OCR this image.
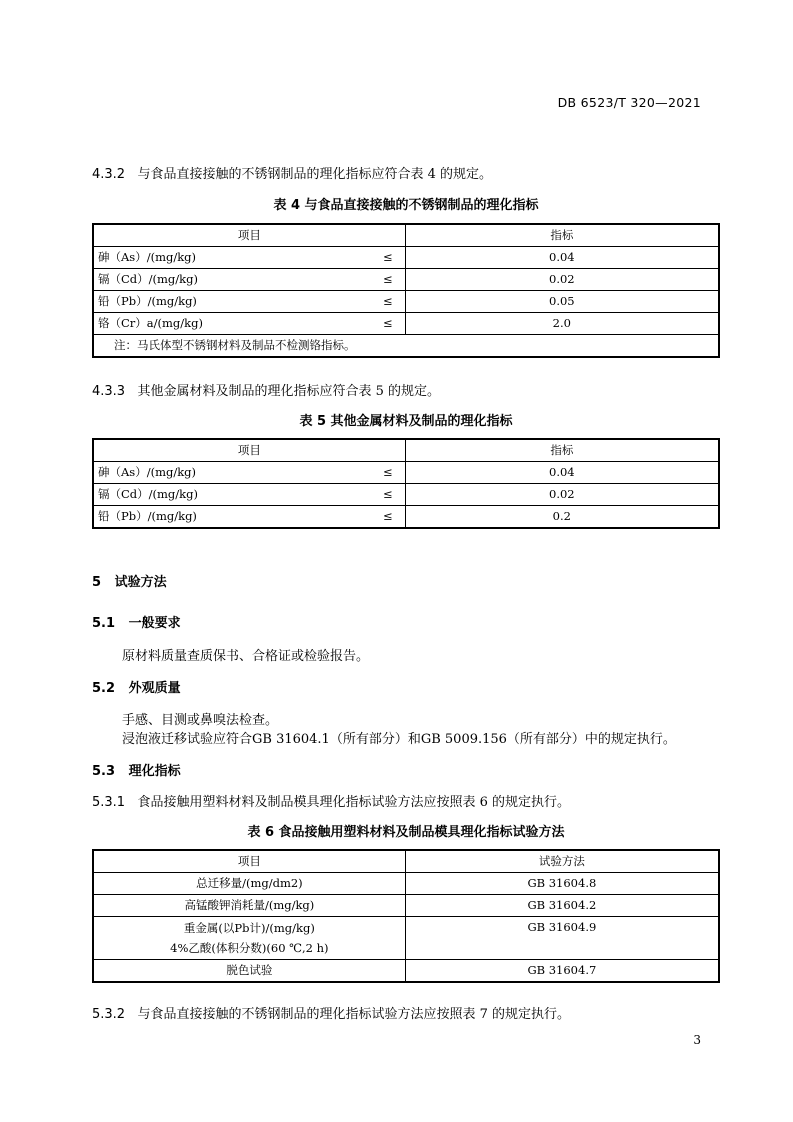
DB 6523/T 320—2021
4.3.2 与食品直接接触的不锈钢制品的理化指标应符合表 4 的规定。
表 4 与食品直接接触的不锈钢制品的理化指标
项目	指标
砷（As）/(mg/kg) ≤	0.04
镉（Cd）/(mg/kg) ≤	0.02
铅（Pb）/(mg/kg) ≤	0.05
铬（Cr）a/(mg/kg) ≤	2.0
注：马氏体型不锈钢材料及制品不检测铬指标。	
4.3.3 其他金属材料及制品的理化指标应符合表 5 的规定。
表 5 其他金属材料及制品的理化指标
项目	指标
砷（As）/(mg/kg) ≤	0.04
镉（Cd）/(mg/kg) ≤	0.02
铅（Pb）/(mg/kg) ≤	0.2
5 试验方法
5.1 一般要求
原材料质量查质保书、合格证或检验报告。
5.2 外观质量
手感、目测或鼻嗅法检查。
浸泡液迁移试验应符合GB 31604.1（所有部分）和GB 5009.156（所有部分）中的规定执行。
5.3 理化指标
5.3.1 食品接触用塑料材料及制品模具理化指标试验方法应按照表 6 的规定执行。
表 6 食品接触用塑料材料及制品模具理化指标试验方法
项目	试验方法
总迁移量/(mg/dm2)	GB 31604.8
高锰酸钾消耗量/(mg/kg)	GB 31604.2

重金属(以Pb计)/(mg/kg)
4%乙酸(体积分数)(60 ℃,2 h)	GB 31604.9
脱色试验	GB 31604.7
5.3.2 与食品直接接触的不锈钢制品的理化指标试验方法应按照表 7 的规定执行。
3
